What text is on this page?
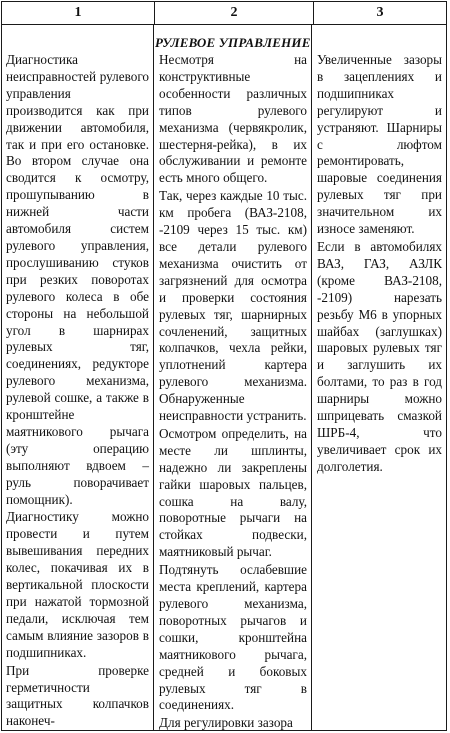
1	2	3

Диагностика неисправностей рулевого управления производится как при движении автомобиля, так и при его остановке. Во втором случае она сводится к осмотру, прошупыванию в нижней части автомобиля систем рулевого управления, прослушиванию стуков при резких поворотах рулевого колеса в обе стороны на небольшой угол в шарнирах рулевых тяг, соединениях, редукторе рулевого механизма, рулевой сошке, а также в кронштейне маятникового рычага (эту операцию выполняют вдвоем – руль поворачивает помощник).

Диагностику можно провести и путем вывешивания передних колес, покачивая их в вертикальной плоскости при нажатой тормозной педали, исключая тем самым влияние зазоров в подшипниках.

При проверке герметичности защитных колпачков наконеч-

Несмотря на конструктивные особенности различных типов рулевого механизма (червякролик, шестерня-рейка), в их обслуживании и ремонте есть много общего.

Так, через каждые 10 тыс. км пробега (ВАЗ-2108, -2109 через 15 тыс. км) все детали рулевого механизма очистить от загрязнений для осмотра и проверки состояния рулевых тяг, шарнирных сочленений, защитных колпачков, чехла рейки, уплотнений картера рулевого механизма. Обнаруженные неисправности устранить.

Осмотром определить, на месте ли шплинты, надежно ли закреплены гайки шаровых пальцев, сошка на валу, поворотные рычаги на стойках подвески, маятниковый рычаг.

Подтянуть ослабевшие места креплений, картера рулевого механизма, поворотных рычагов и сошки, кронштейна маятникового рычага, средней и боковых рулевых тяг в соединениях.

Для регулировки зазора

Увеличенные зазоры в зацеплениях и подшипниках регулируют и устраняют. Шарниры с люфтом ремонтировать, шаровые соединения рулевых тяг при значительном их износе заменяют.

Если в автомобилях ВАЗ, ГАЗ, АЗЛК (кроме ВАЗ-2108, -2109) нарезать резьбу М6 в упорных шайбах (заглушках) шаровых рулевых тяг и заглушить их болтами, то раз в год шарниры можно шприцевать смазкой ШРБ-4, что увеличивает срок их долголетия.

РУЛЕВОЕ УПРАВЛЕНИЕ
